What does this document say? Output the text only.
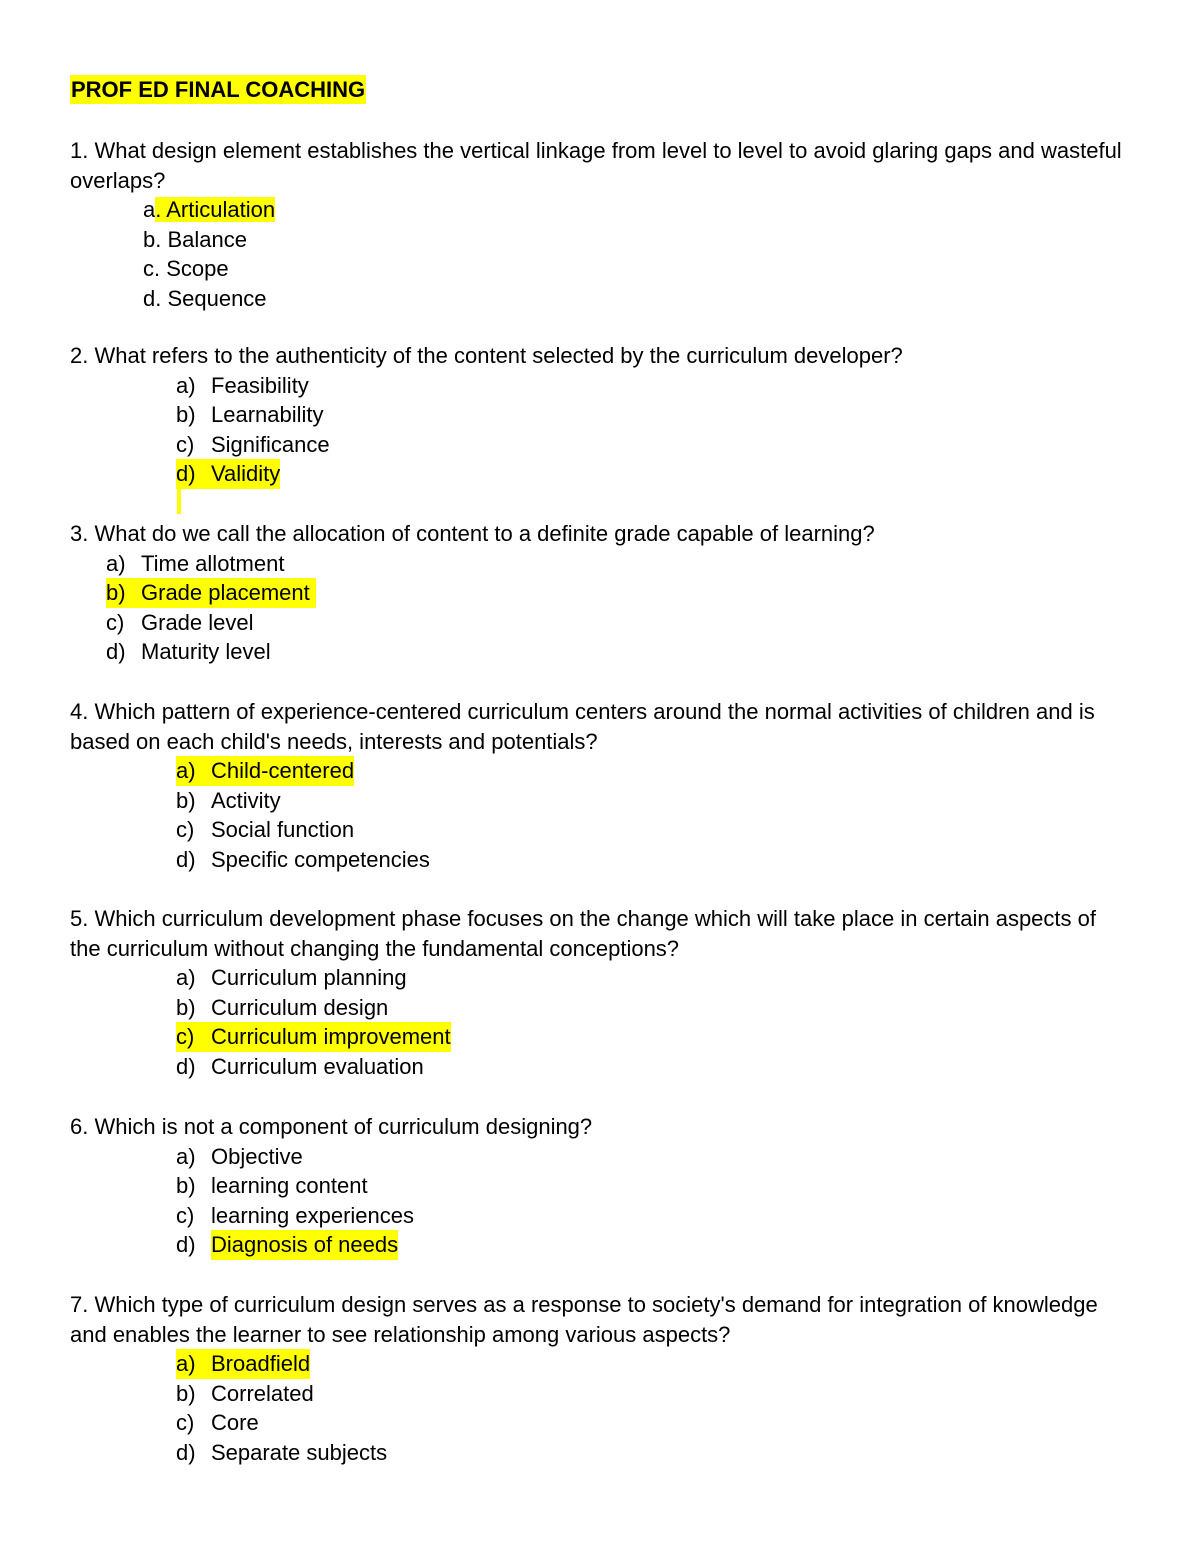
PROF ED FINAL COACHING

1. What design element establishes the vertical linkage from level to level to avoid glaring gaps and wasteful overlaps?

a. Articulation
b. Balance
c. Scope
d. Sequence

2. What refers to the authenticity of the content selected by the curriculum developer?

a) Feasibility
b) Learnability
c) Significance
d) Validity

3. What do we call the allocation of content to a definite grade capable of learning?

a) Time allotment
b) Grade placement
c) Grade level
d) Maturity level

4. Which pattern of experience-centered curriculum centers around the normal activities of children and is based on each child's needs, interests and potentials?

a) Child-centered
b) Activity
c) Social function
d) Specific competencies

5. Which curriculum development phase focuses on the change which will take place in certain aspects of the curriculum without changing the fundamental conceptions?

a) Curriculum planning
b) Curriculum design
c) Curriculum improvement
d) Curriculum evaluation

6. Which is not a component of curriculum designing?

a) Objective
b) learning content
c) learning experiences
d) Diagnosis of needs

7. Which type of curriculum design serves as a response to society's demand for integration of knowledge and enables the learner to see relationship among various aspects?

a) Broadfield
b) Correlated
c) Core
d) Separate subjects
